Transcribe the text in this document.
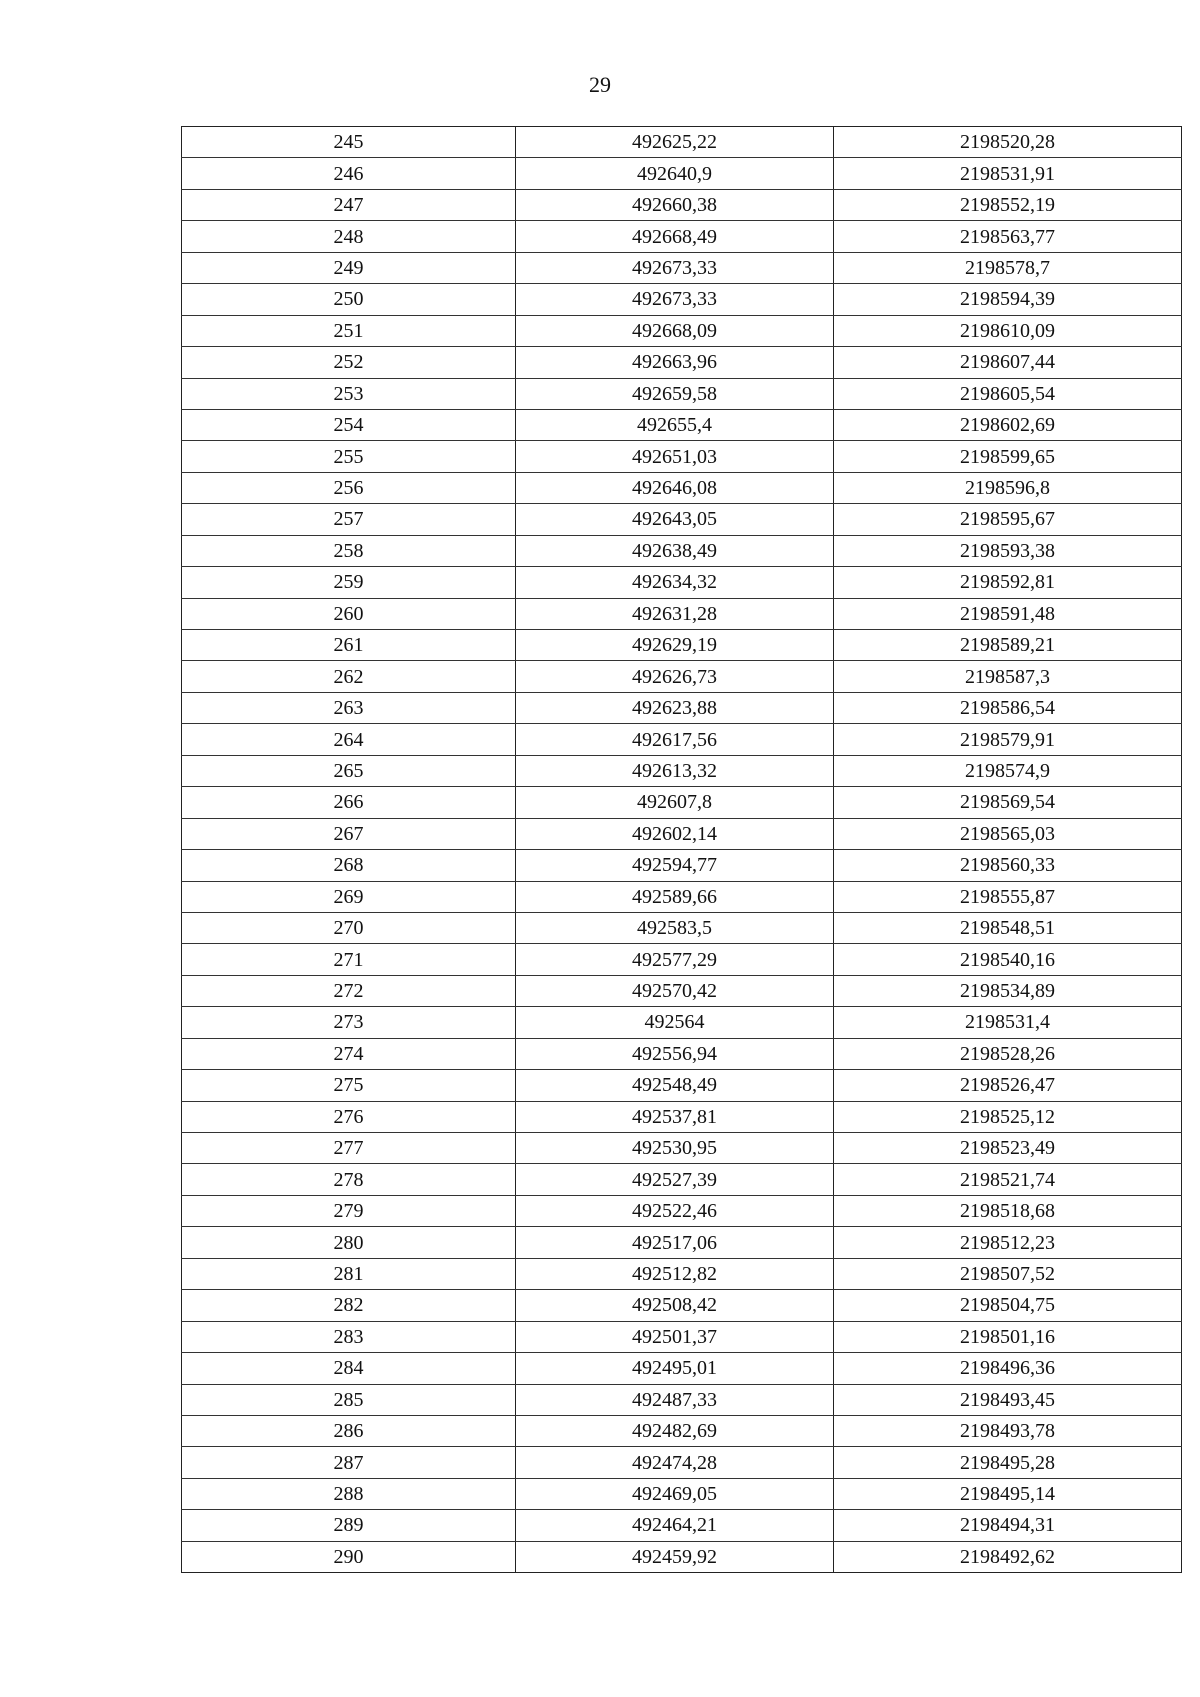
29
245	492625,22	2198520,28
246	492640,9	2198531,91
247	492660,38	2198552,19
248	492668,49	2198563,77
249	492673,33	2198578,7
250	492673,33	2198594,39
251	492668,09	2198610,09
252	492663,96	2198607,44
253	492659,58	2198605,54
254	492655,4	2198602,69
255	492651,03	2198599,65
256	492646,08	2198596,8
257	492643,05	2198595,67
258	492638,49	2198593,38
259	492634,32	2198592,81
260	492631,28	2198591,48
261	492629,19	2198589,21
262	492626,73	2198587,3
263	492623,88	2198586,54
264	492617,56	2198579,91
265	492613,32	2198574,9
266	492607,8	2198569,54
267	492602,14	2198565,03
268	492594,77	2198560,33
269	492589,66	2198555,87
270	492583,5	2198548,51
271	492577,29	2198540,16
272	492570,42	2198534,89
273	492564	2198531,4
274	492556,94	2198528,26
275	492548,49	2198526,47
276	492537,81	2198525,12
277	492530,95	2198523,49
278	492527,39	2198521,74
279	492522,46	2198518,68
280	492517,06	2198512,23
281	492512,82	2198507,52
282	492508,42	2198504,75
283	492501,37	2198501,16
284	492495,01	2198496,36
285	492487,33	2198493,45
286	492482,69	2198493,78
287	492474,28	2198495,28
288	492469,05	2198495,14
289	492464,21	2198494,31
290	492459,92	2198492,62
